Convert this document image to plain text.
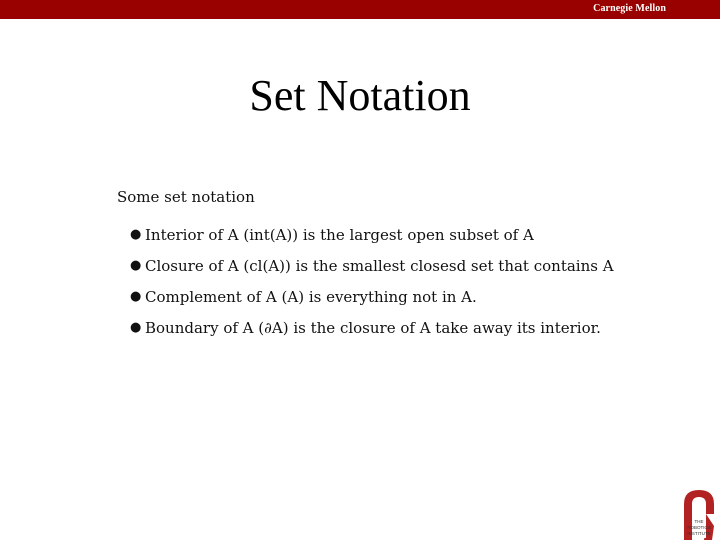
Carnegie Mellon
Set Notation
Some set notation
● Interior of A (int(A)) is the largest open subset of A
● Closure of A (cl(A)) is the smallest closesd set that contains A
● Complement of A (A) is everything not in A.
● Boundary of A (∂A) is the closure of A take away its interior.
THE
ROBOTICS
INSTITUTE
